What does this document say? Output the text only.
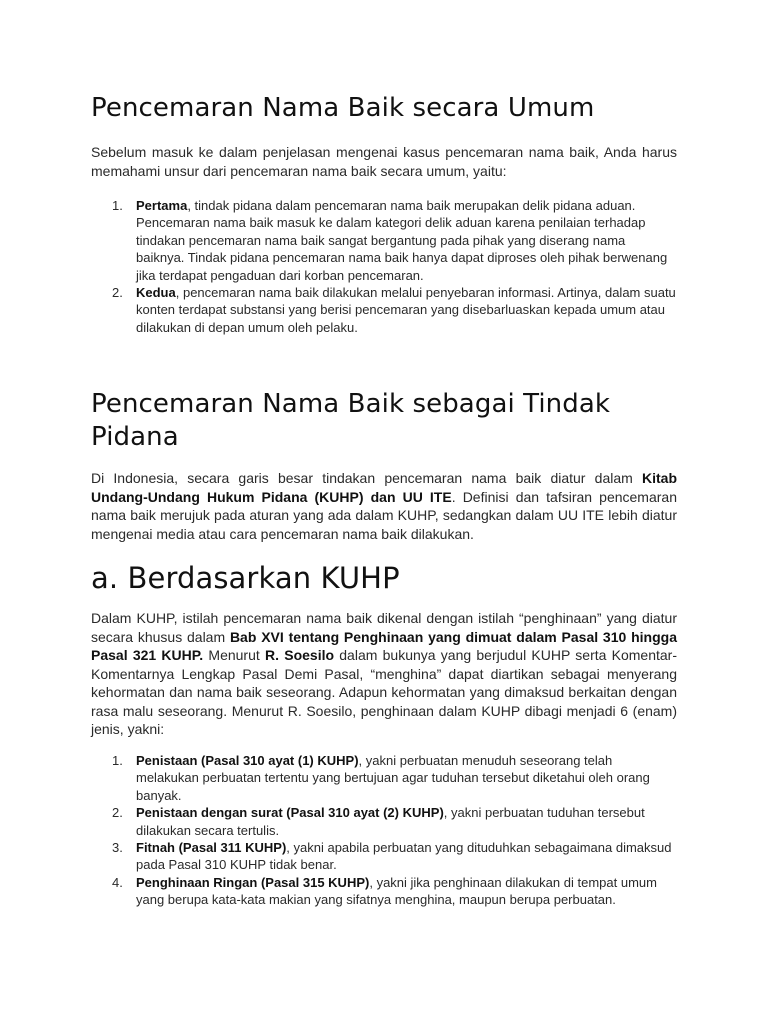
Pencemaran Nama Baik secara Umum

Sebelum masuk ke dalam penjelasan mengenai kasus pencemaran nama baik, Anda harus memahami unsur dari pencemaran nama baik secara umum, yaitu:

1. Pertama, tindak pidana dalam pencemaran nama baik merupakan delik pidana aduan. Pencemaran nama baik masuk ke dalam kategori delik aduan karena penilaian terhadap tindakan pencemaran nama baik sangat bergantung pada pihak yang diserang nama baiknya. Tindak pidana pencemaran nama baik hanya dapat diproses oleh pihak berwenang jika terdapat pengaduan dari korban pencemaran.
2. Kedua, pencemaran nama baik dilakukan melalui penyebaran informasi. Artinya, dalam suatu konten terdapat substansi yang berisi pencemaran yang disebarluaskan kepada umum atau dilakukan di depan umum oleh pelaku.
Pencemaran Nama Baik sebagai Tindak Pidana

Di Indonesia, secara garis besar tindakan pencemaran nama baik diatur dalam Kitab Undang-Undang Hukum Pidana (KUHP) dan UU ITE. Definisi dan tafsiran pencemaran nama baik merujuk pada aturan yang ada dalam KUHP, sedangkan dalam UU ITE lebih diatur mengenai media atau cara pencemaran nama baik dilakukan.

a. Berdasarkan KUHP

Dalam KUHP, istilah pencemaran nama baik dikenal dengan istilah “penghinaan” yang diatur secara khusus dalam Bab XVI tentang Penghinaan yang dimuat dalam Pasal 310 hingga Pasal 321 KUHP. Menurut R. Soesilo dalam bukunya yang berjudul KUHP serta Komentar-Komentarnya Lengkap Pasal Demi Pasal, “menghina” dapat diartikan sebagai menyerang kehormatan dan nama baik seseorang. Adapun kehormatan yang dimaksud berkaitan dengan rasa malu seseorang. Menurut R. Soesilo, penghinaan dalam KUHP dibagi menjadi 6 (enam) jenis, yakni:

1. Penistaan (Pasal 310 ayat (1) KUHP), yakni perbuatan menuduh seseorang telah melakukan perbuatan tertentu yang bertujuan agar tuduhan tersebut diketahui oleh orang banyak.
2. Penistaan dengan surat (Pasal 310 ayat (2) KUHP), yakni perbuatan tuduhan tersebut dilakukan secara tertulis.
3. Fitnah (Pasal 311 KUHP), yakni apabila perbuatan yang dituduhkan sebagaimana dimaksud pada Pasal 310 KUHP tidak benar.
4. Penghinaan Ringan (Pasal 315 KUHP), yakni jika penghinaan dilakukan di tempat umum yang berupa kata-kata makian yang sifatnya menghina, maupun berupa perbuatan.
